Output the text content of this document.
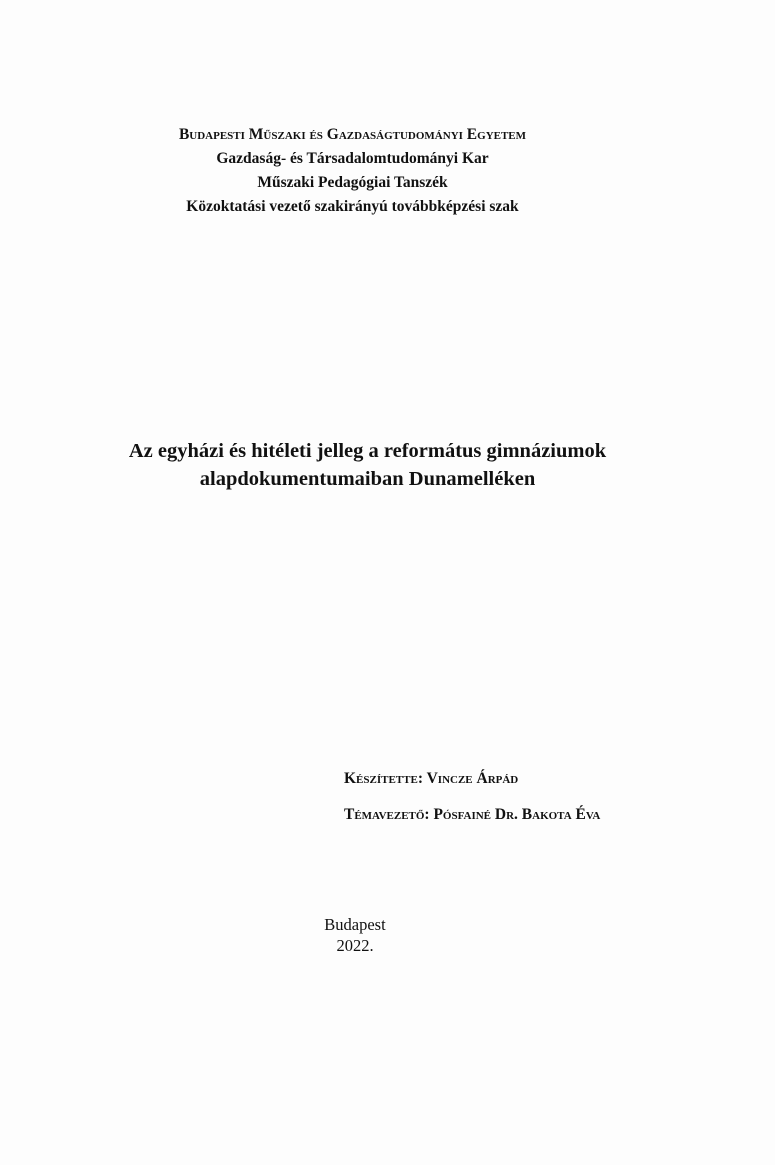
Budapesti Műszaki és Gazdaságtudományi Egyetem
Gazdaság- és Társadalomtudományi Kar
Műszaki Pedagógiai Tanszék
Közoktatási vezető szakirányú továbbképzési szak
Az egyházi és hitéleti jelleg a református gimnáziumok
alapdokumentumaiban Dunamelléken
Készítette: Vincze Árpád
Témavezető: Pósfainé Dr. Bakota Éva
Budapest
2022.
